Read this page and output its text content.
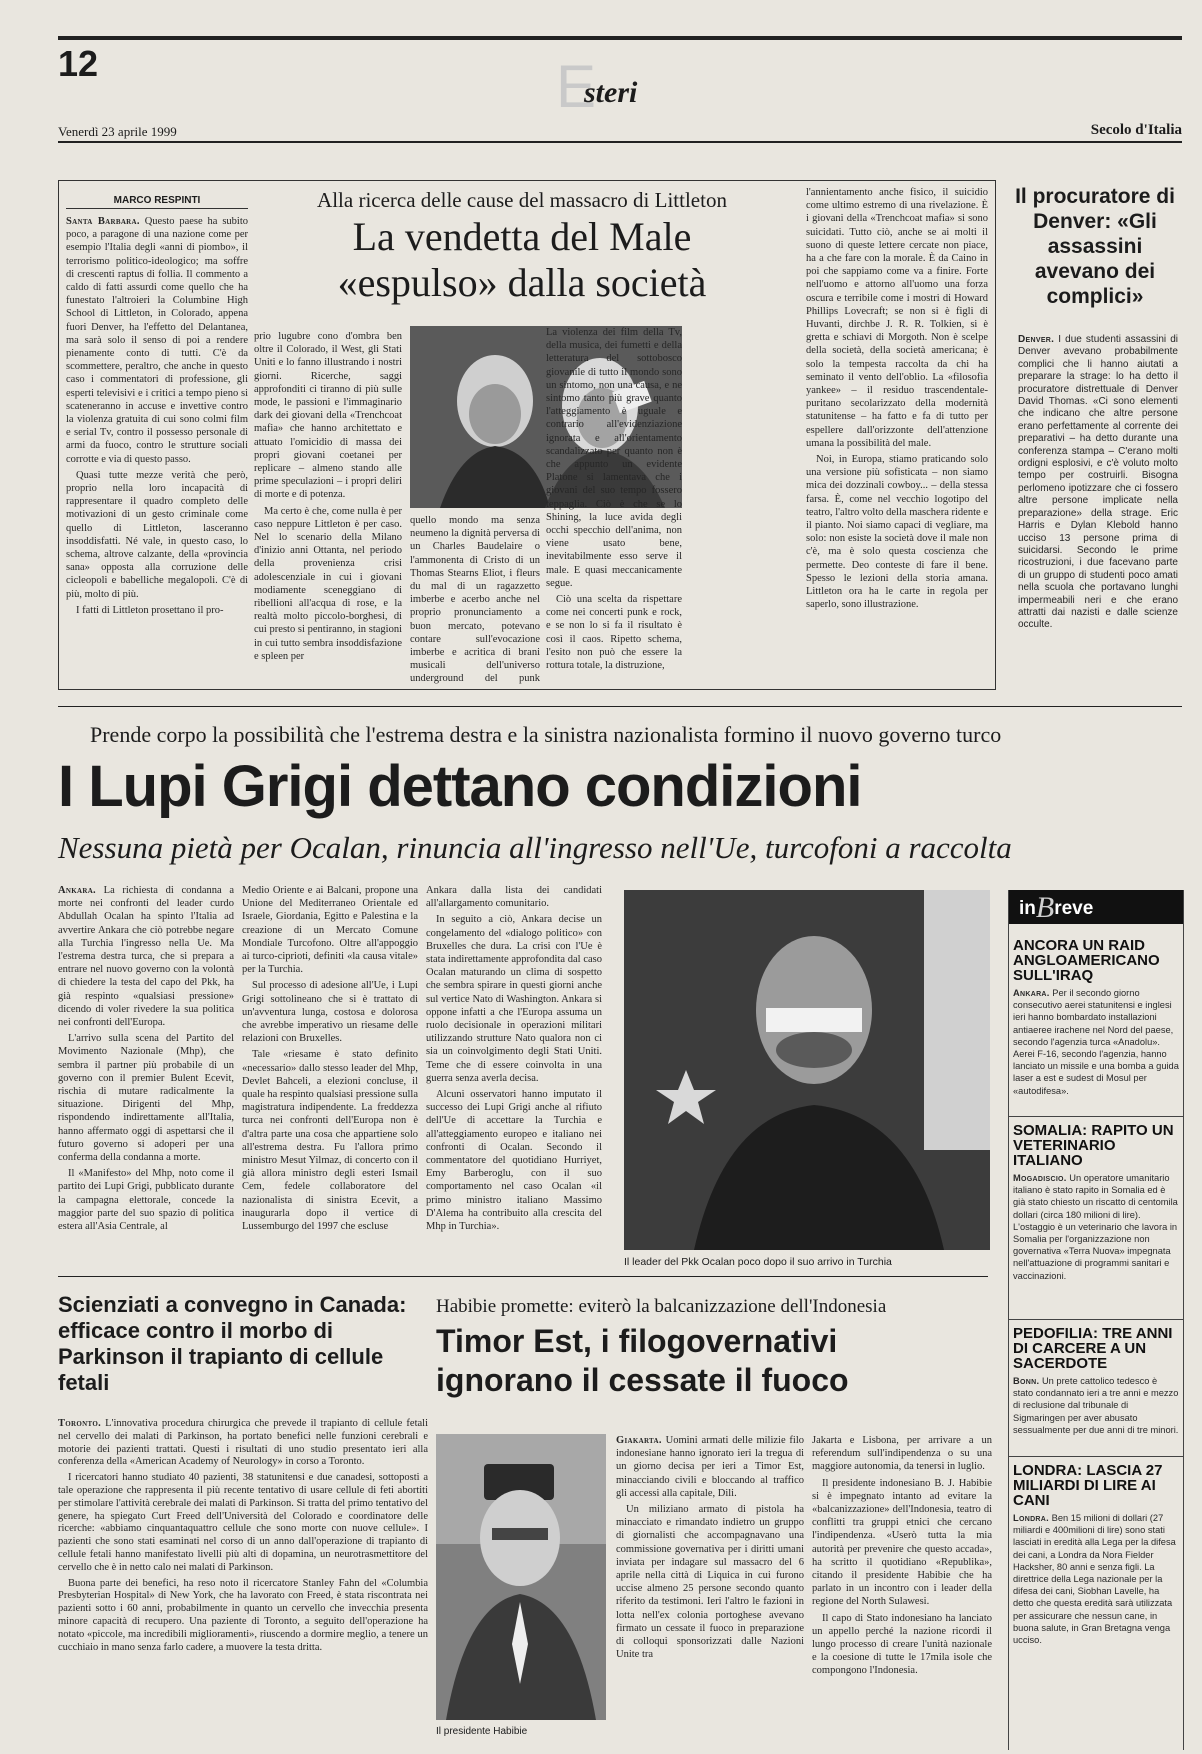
12	E
steri
Venerdì 23 aprile 1999	Secolo d'Italia
MARCO RESPINTI

Santa Barbara. Questo paese ha subito poco, a paragone di una nazione come per esempio l'Italia degli «anni di piombo», il terrorismo politico-ideologico; ma soffre di crescenti raptus di follia. Il commento a caldo di fatti assurdi come quello che ha funestato l'altroieri la Columbine High School di Littleton, in Colorado, appena fuori Denver, ha l'effetto del Delantanea, ma sarà solo il senso di poi a rendere pienamente conto di tutti. C'è da scommettere, peraltro, che anche in questo caso i commentatori di professione, gli esperti televisivi e i critici a tempo pieno si scateneranno in accuse e invettive contro la violenza gratuita di cui sono colmi film e serial Tv, contro il possesso personale di armi da fuoco, contro le strutture sociali corrotte e via di questo passo.

Quasi tutte mezze verità che però, proprio nella loro incapacità di rappresentare il quadro completo delle motivazioni di un gesto criminale come quello di Littleton, lasceranno insoddisfatti. Né vale, in questo caso, lo schema, altrove calzante, della «provincia sana» opposta alla corruzione delle cicleopoli e babelliche megalopoli. C'è di più, molto di più.

I fatti di Littleton prosettano il pro-

Alla ricerca delle cause del massacro di Littleton
La vendetta del Male
«espulso» dalla società

prio lugubre cono d'ombra ben oltre il Colorado, il West, gli Stati Uniti e lo fanno illustrando i nostri giorni. Ricerche, saggi approfonditi ci tiranno di più sulle mode, le passioni e l'immaginario dark dei giovani della «Trenchcoat mafia» che hanno architettato e attuato l'omicidio di massa dei propri giovani coetanei per replicare – almeno stando alle prime speculazioni – i propri deliri di morte e di potenza.

Ma certo è che, come nulla è per caso neppure Littleton è per caso. Nel lo scenario della Milano d'inizio anni Ottanta, nel periodo della provenienza crisi adolescenziale in cui i giovani modiamente sceneggiano di ribellioni all'acqua di rose, e la realtà molto piccolo-borghesi, di cui presto si pentiranno, in stagioni in cui tutto sembra insoddisfazione e spleen per

quello mondo ma senza neumeno la dignità perversa di un Charles Baudelaire o l'ammonenta di Cristo di un Thomas Stearns Eliot, i fleurs du mal di un ragazzetto imberbe e acerbo anche nel proprio pronunciamento a buon mercato, potevano contare sull'evocazione imberbe e acritica di brani musicali dell'universo underground del punk

La violenza dei film della Tv, della musica, dei fumetti e della letteratura del sottobosco giovanile di tutto il mondo sono un sintomo, non una causa, e ne sintomo tanto più grave quanto l'atteggiamento è uguale e contrario all'evidenziazione ignorata e all'orientamento scandalizzato per quanto non è che appunto un evidente Platone si lamentava che i giovani del suo tempo fossero teppaglia. Ciò è che se lo Shining, la luce avida degli occhi specchio dell'anima, non viene usato bene, inevitabilmente esso serve il male. E quasi meccanicamente segue.

Ciò una scelta da rispettare come nei concerti punk e rock, e se non lo si fa il risultato è così il caos. Ripetto schema, l'esito non può che essere la rottura totale, la distruzione,

l'annientamento anche fisico, il suicidio come ultimo estremo di una rivelazione. È i giovani della «Trenchcoat mafia» si sono suicidati. Tutto ciò, anche se ai molti il suono di queste lettere cercate non piace, ha a che fare con la morale. È da Caino in poi che sappiamo come va a finire. Forte nell'uomo e attorno all'uomo una forza oscura e terribile come i mostri di Howard Phillips Lovecraft; se non si è figli di Huvanti, dirchbe J. R. R. Tolkien, si è gretta e schiavi di Morgoth. Non è scelpe della società, della società americana; è solo la tempesta raccolta da chi ha seminato il vento dell'oblio. La «filosofia yankee» – il residuo trascendentale-puritano secolarizzato della modernità statunitense – ha fatto e fa di tutto per espellere dall'orizzonte dell'attenzione umana la possibilità del male.

Noi, in Europa, stiamo praticando solo una versione più sofisticata – non siamo mica dei dozzinali cowboy... – della stessa farsa. È, come nel vecchio logotipo del teatro, l'altro volto della maschera ridente e il pianto. Noi siamo capaci di vegliare, ma solo: non esiste la società dove il male non c'è, ma è solo questa coscienza che permette. Deo conteste di fare il bene. Spesso le lezioni della storia amana. Littleton ora ha le carte in regola per saperlo, sono illustrazione.

Il procuratore di Denver: «Gli assassini avevano dei complici»

Denver. I due studenti assassini di Denver avevano probabilmente complici che li hanno aiutati a preparare la strage: lo ha detto il procuratore distrettuale di Denver David Thomas. «Ci sono elementi che indicano che altre persone erano perfettamente al corrente dei preparativi – ha detto durante una conferenza stampa – C'erano molti ordigni esplosivi, e c'è voluto molto tempo per costruirli. Bisogna perlomeno ipotizzare che ci fossero altre persone implicate nella preparazione» della strage. Eric Harris e Dylan Klebold hanno ucciso 13 persone prima di suicidarsi. Secondo le prime ricostruzioni, i due facevano parte di un gruppo di studenti poco amati nella scuola che portavano lunghi impermeabili neri e che erano attratti dai nazisti e dalle scienze occulte.

Prende corpo la possibilità che l'estrema destra e la sinistra nazionalista formino il nuovo governo turco
I Lupi Grigi dettano condizioni
Nessuna pietà per Ocalan, rinuncia all'ingresso nell'Ue, turcofoni a raccolta

Ankara. La richiesta di condanna a morte nei confronti del leader curdo Abdullah Ocalan ha spinto l'Italia ad avvertire Ankara che ciò potrebbe negare alla Turchia l'ingresso nella Ue. Ma l'estrema destra turca, che si prepara a entrare nel nuovo governo con la volontà di chiedere la testa del capo del Pkk, ha già respinto «qualsiasi pressione» dicendo di voler rivedere la sua politica nei confronti dell'Europa.

L'arrivo sulla scena del Partito del Movimento Nazionale (Mhp), che sembra il partner più probabile di un governo con il premier Bulent Ecevit, rischia di mutare radicalmente la situazione. Dirigenti del Mhp, rispondendo indirettamente all'Italia, hanno affermato oggi di aspettarsi che il futuro governo si adoperi per una conferma della condanna a morte.

Il «Manifesto» del Mhp, noto come il partito dei Lupi Grigi, pubblicato durante la campagna elettorale, concede la maggior parte del suo spazio di politica estera all'Asia Centrale, al

Medio Oriente e ai Balcani, propone una Unione del Mediterraneo Orientale ed Israele, Giordania, Egitto e Palestina e la creazione di un Mercato Comune Mondiale Turcofono. Oltre all'appoggio ai turco-ciprioti, definiti «la causa vitale» per la Turchia.

Sul processo di adesione all'Ue, i Lupi Grigi sottolineano che si è trattato di un'avventura lunga, costosa e dolorosa che avrebbe imperativo un riesame delle relazioni con Bruxelles.

Tale «riesame è stato definito «necessario» dallo stesso leader del Mhp, Devlet Bahceli, a elezioni concluse, il quale ha respinto qualsiasi pressione sulla magistratura indipendente. La freddezza turca nei confronti dell'Europa non è d'altra parte una cosa che appartiene solo all'estrema destra. Fu l'allora primo ministro Mesut Yilmaz, di concerto con il già allora ministro degli esteri Ismail Cem, fedele collaboratore del nazionalista di sinistra Ecevit, a inaugurarla dopo il vertice di Lussemburgo del 1997 che escluse

Ankara dalla lista dei candidati all'allargamento comunitario.

In seguito a ciò, Ankara decise un congelamento del «dialogo politico» con Bruxelles che dura. La crisi con l'Ue è stata indirettamente approfondita dal caso Ocalan maturando un clima di sospetto che sembra spirare in questi giorni anche sul vertice Nato di Washington. Ankara si oppone infatti a che l'Europa assuma un ruolo decisionale in operazioni militari utilizzando strutture Nato qualora non ci sia un coinvolgimento degli Stati Uniti. Teme che di essere coinvolta in una guerra senza averla decisa.

Alcuni osservatori hanno imputato il successo dei Lupi Grigi anche al rifiuto dell'Ue di accettare la Turchia e all'atteggiamento europeo e italiano nei confronti di Ocalan. Secondo il commentatore del quotidiano Hurriyet, Emy Barberoglu, con il suo comportamento nel caso Ocalan «il primo ministro italiano Massimo D'Alema ha contribuito alla crescita del Mhp in Turchia».

Il leader del Pkk Ocalan poco dopo il suo arrivo in Turchia
in B reve
ANCORA UN RAID ANGLOAMERICANO SULL'IRAQ
Ankara. Per il secondo giorno consecutivo aerei statunitensi e inglesi ieri hanno bombardato installazioni antiaeree irachene nel Nord del paese, secondo l'agenzia turca «Anadolu». Aerei F-16, secondo l'agenzia, hanno lanciato un missile e una bomba a guida laser a est e sudest di Mosul per «autodifesa».
SOMALIA: RAPITO UN VETERINARIO ITALIANO
Mogadiscio. Un operatore umanitario italiano è stato rapito in Somalia ed è già stato chiesto un riscatto di centomila dollari (circa 180 milioni di lire). L'ostaggio è un veterinario che lavora in Somalia per l'organizzazione non governativa «Terra Nuova» impegnata nell'attuazione di programmi sanitari e vaccinazioni.
PEDOFILIA: TRE ANNI DI CARCERE A UN SACERDOTE
Bonn. Un prete cattolico tedesco è stato condannato ieri a tre anni e mezzo di reclusione dal tribunale di Sigmaringen per aver abusato sessualmente per due anni di tre minori.
LONDRA: LASCIA 27 MILIARDI DI LIRE AI CANI
Londra. Ben 15 milioni di dollari (27 miliardi e 400milioni di lire) sono stati lasciati in eredità alla Lega per la difesa dei cani, a Londra da Nora Fielder Hacksher, 80 anni e senza figli. La direttrice della Lega nazionale per la difesa dei cani, Siobhan Lavelle, ha detto che questa eredità sarà utilizzata per assicurare che nessun cane, in buona salute, in Gran Bretagna venga ucciso.
Scienziati a convegno in Canada: efficace contro il morbo di Parkinson il trapianto di cellule fetali

Toronto. L'innovativa procedura chirurgica che prevede il trapianto di cellule fetali nel cervello dei malati di Parkinson, ha portato benefici nelle funzioni cerebrali e motorie dei pazienti trattati. Questi i risultati di uno studio presentato ieri alla conferenza della «American Academy of Neurology» in corso a Toronto.

I ricercatori hanno studiato 40 pazienti, 38 statunitensi e due canadesi, sottoposti a tale operazione che rappresenta il più recente tentativo di usare cellule di feti abortiti per stimolare l'attività cerebrale dei malati di Parkinson. Si tratta del primo tentativo del genere, ha spiegato Curt Freed dell'Università del Colorado e coordinatore delle ricerche: «abbiamo cinquantaquattro cellule che sono morte con nuove cellule». I pazienti che sono stati esaminati nel corso di un anno dall'operazione di trapianto di cellule fetali hanno manifestato livelli più alti di dopamina, un neurotrasmettitore del cervello che è in netto calo nei malati di Parkinson.

Buona parte dei benefici, ha reso noto il ricercatore Stanley Fahn del «Columbia Presbyterian Hospital» di New York, che ha lavorato con Freed, è stata riscontrata nei pazienti sotto i 60 anni, probabilmente in quanto un cervello che invecchia presenta minore capacità di recupero. Una paziente di Toronto, a seguito dell'operazione ha notato «piccole, ma incredibili miglioramenti», riuscendo a dormire meglio, a tenere un cucchiaio in mano senza farlo cadere, a muovere la testa dritta.

Habibie promette: eviterò la balcanizzazione dell'Indonesia
Timor Est, i filogovernativi ignorano il cessate il fuoco
Il presidente Habibie

Giakarta. Uomini armati delle milizie filo indonesiane hanno ignorato ieri la tregua di un giorno decisa per ieri a Timor Est, minacciando civili e bloccando al traffico gli accessi alla capitale, Dili.

Un miliziano armato di pistola ha minacciato e rimandato indietro un gruppo di giornalisti che accompagnavano una commissione governativa per i diritti umani inviata per indagare sul massacro del 6 aprile nella città di Liquica in cui furono uccise almeno 25 persone secondo quanto riferito da testimoni. Ieri l'altro le fazioni in lotta nell'ex colonia portoghese avevano firmato un cessate il fuoco in preparazione di colloqui sponsorizzati dalle Nazioni Unite tra

Jakarta e Lisbona, per arrivare a un referendum sull'indipendenza o su una maggiore autonomia, da tenersi in luglio.

Il presidente indonesiano B. J. Habibie si è impegnato intanto ad evitare la «balcanizzazione» dell'Indonesia, teatro di conflitti tra gruppi etnici che cercano l'indipendenza. «Userò tutta la mia autorità per prevenire che questo accada», ha scritto il quotidiano «Republika», citando il presidente Habibie che ha parlato in un incontro con i leader della regione del North Sulawesi.

Il capo di Stato indonesiano ha lanciato un appello perché la nazione ricordi il lungo processo di creare l'unità nazionale e la coesione di tutte le 17mila isole che compongono l'Indonesia.
